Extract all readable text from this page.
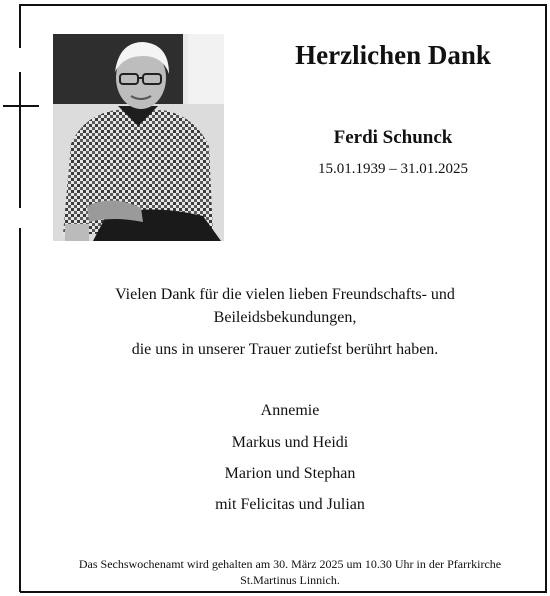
Herzlichen Dank
Ferdi Schunck
15.01.1939 – 31.01.2025
Vielen Dank für die vielen lieben Freundschafts- und
Beileidsbekundungen,
die uns in unserer Trauer zutiefst berührt haben.
Annemie
Markus und Heidi
Marion und Stephan
mit Felicitas und Julian
Das Sechswochenamt wird gehalten am 30. März 2025 um 10.30 Uhr in der Pfarrkirche
St.Martinus Linnich.
